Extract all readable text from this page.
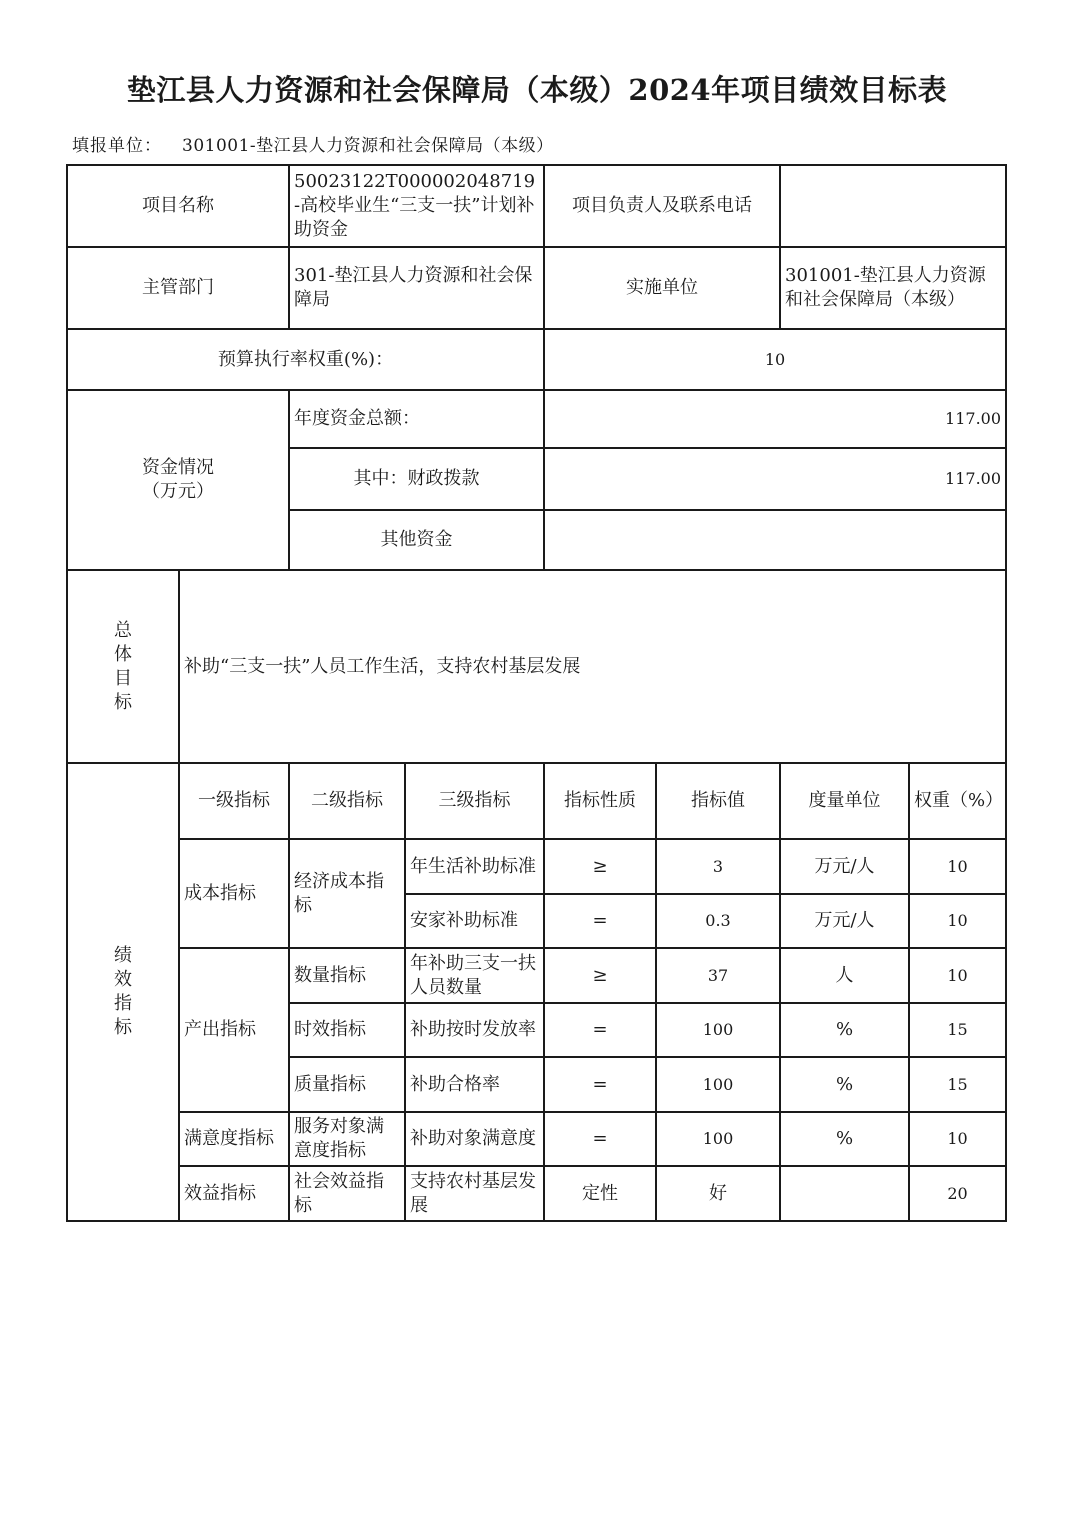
垫江县人力资源和社会保障局（本级）2024年项目绩效目标表
填报单位： 301001-垫江县人力资源和社会保障局（本级）
项目名称		50023122T000002048719-高校毕业生“三支一扶”计划补助资金		项目负责人及联系电话			
主管部门		301-垫江县人力资源和社会保障局		实施单位		301001-垫江县人力资源和社会保障局（本级）	
预算执行率权重(%)：				10			

资金情况
（万元）		年度资金总额：		117.00			
		其中：财政拨款		117.00			
		其他资金					

总
体
目
标	补助“三支一扶”人员工作生活，支持农村基层发展						

绩
效
指
标	一级指标	二级指标	三级指标	指标性质	指标值	度量单位	权重（%）
	成本指标	经济成本指标	年生活补助标准	≥	3	万元/人	10
			安家补助标准	=	0.3	万元/人	10
	产出指标	数量指标	年补助三支一扶人员数量	≥	37	人	10
		时效指标	补助按时发放率	=	100	%	15
		质量指标	补助合格率	=	100	%	15
	满意度指标	服务对象满意度指标	补助对象满意度	=	100	%	10
	效益指标	社会效益指标	支持农村基层发展	定性	好		20
